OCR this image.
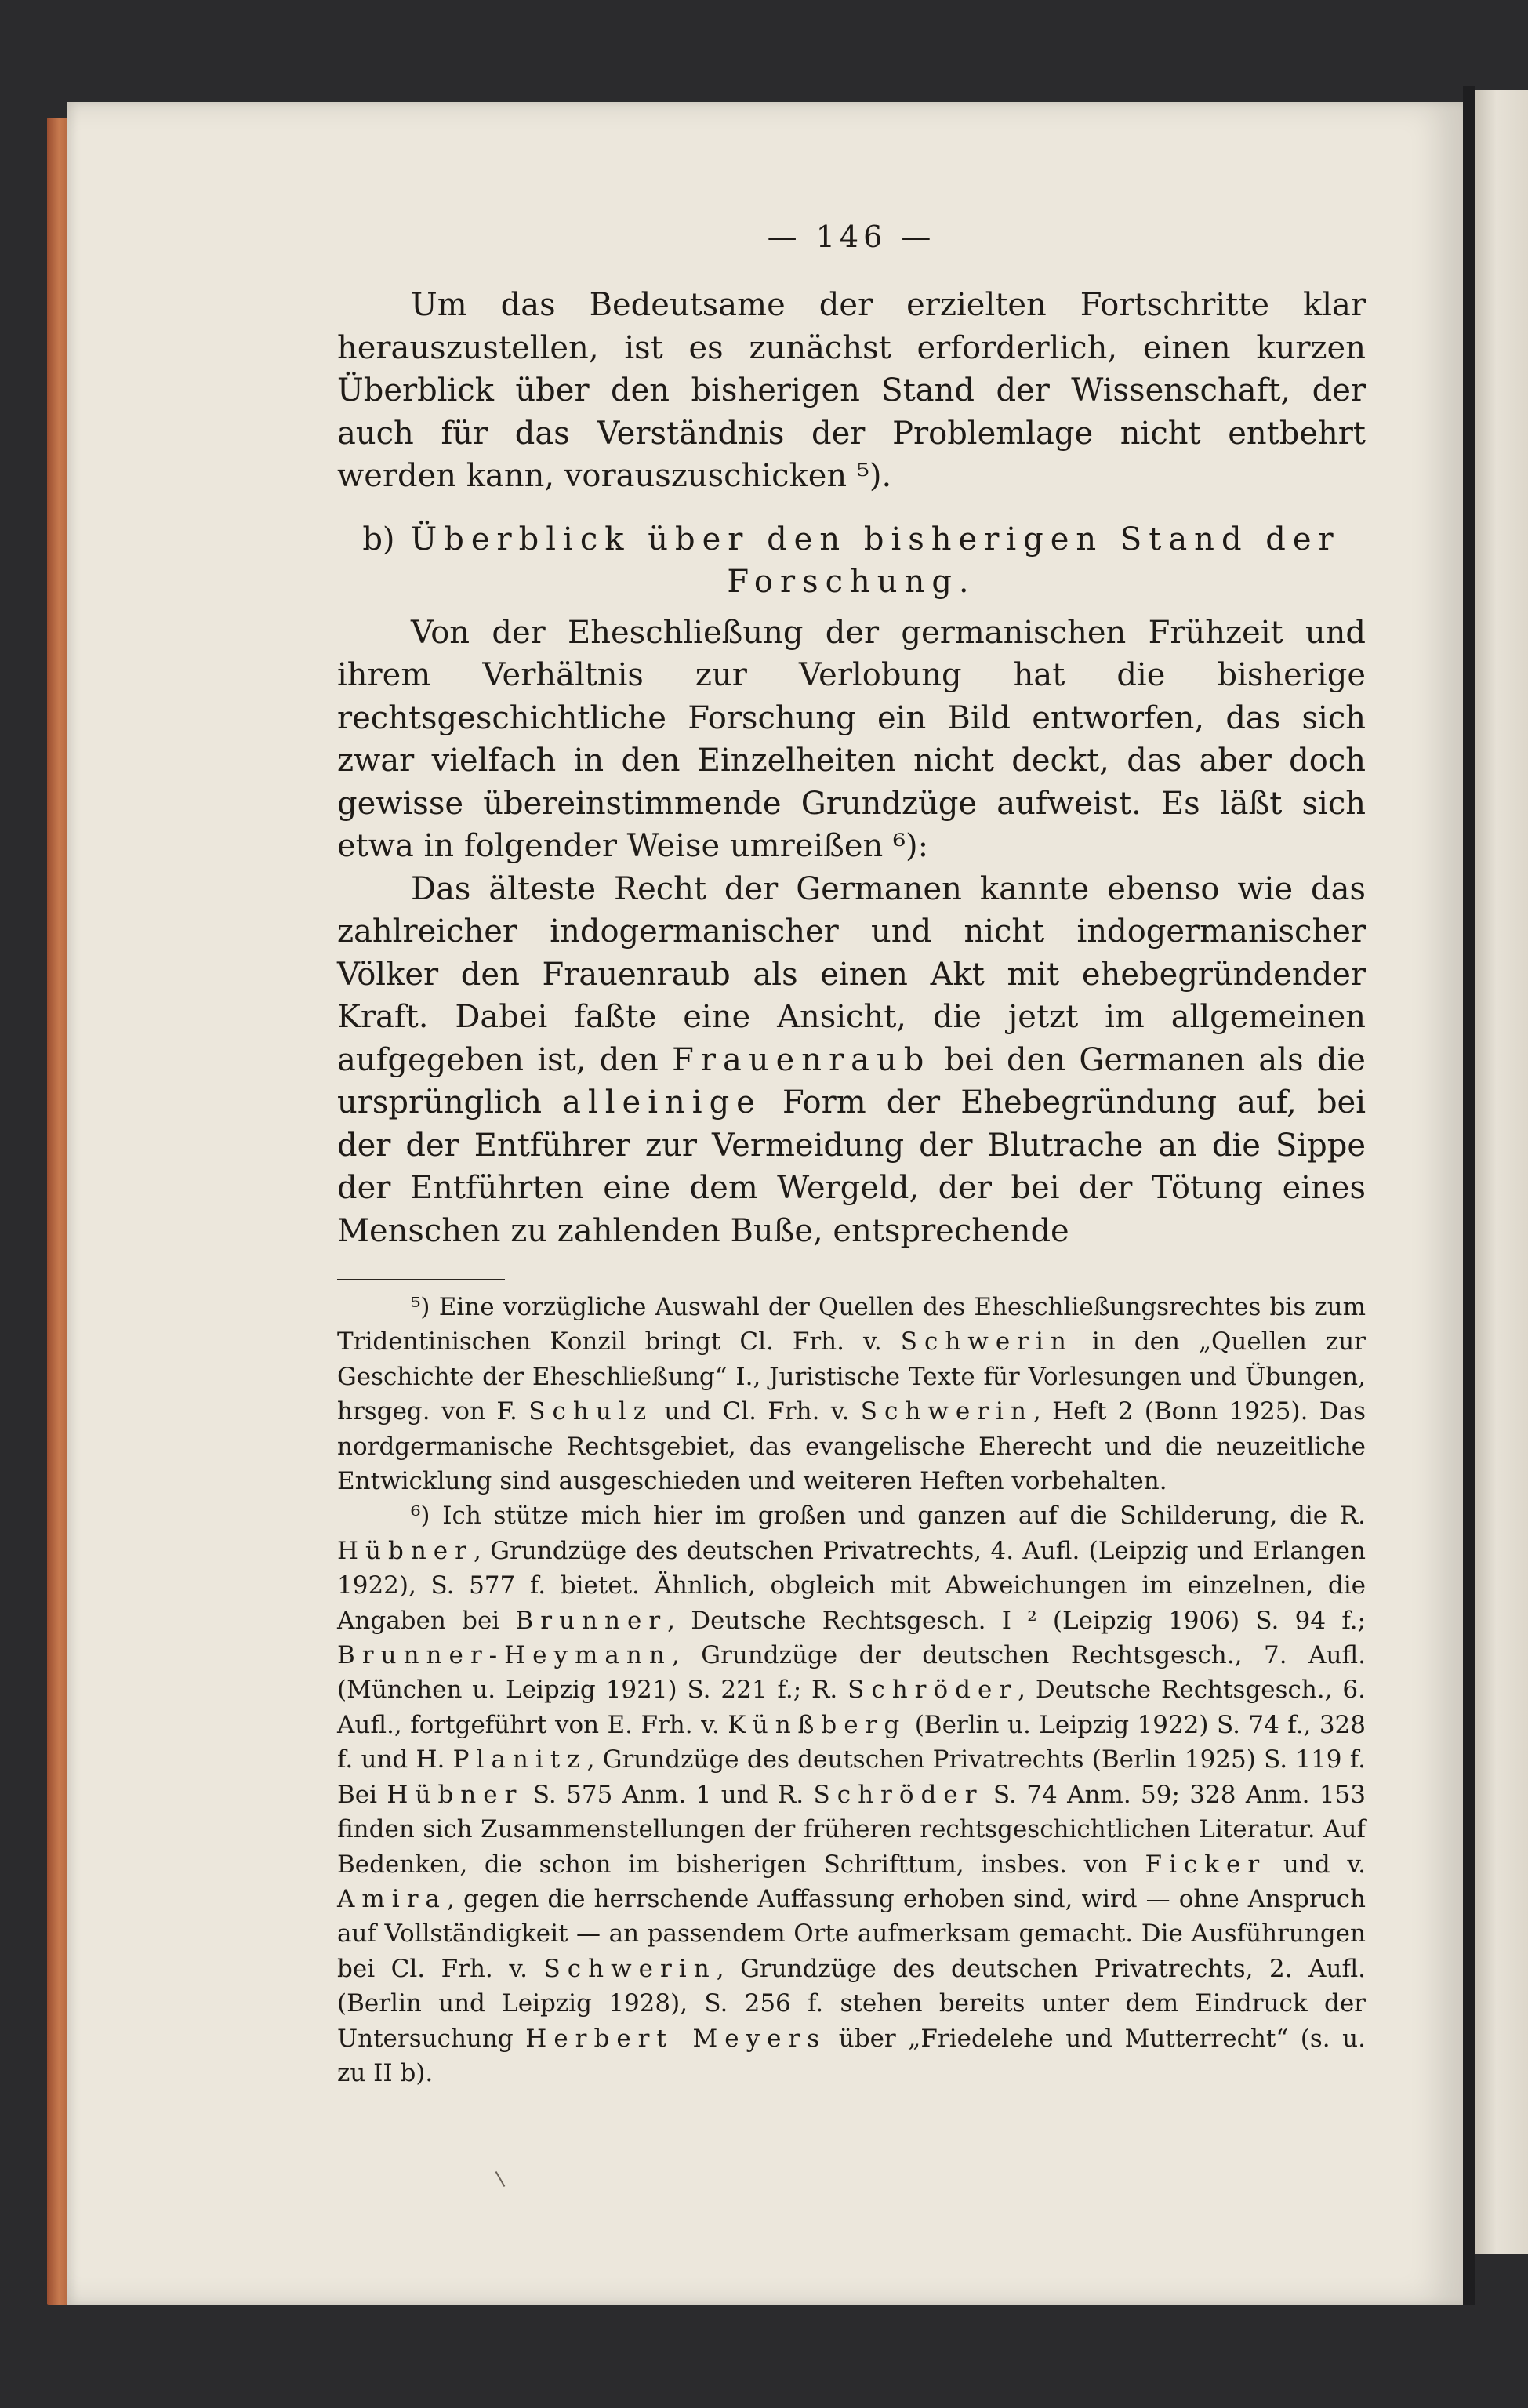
— 146 —

Um das Bedeutsame der erzielten Fortschritte klar herauszustellen, ist es zunächst erforderlich, einen kurzen Überblick über den bisherigen Stand der Wissenschaft, der auch für das Verständnis der Problemlage nicht entbehrt werden kann, vorauszuschicken ⁵).

b) Überblick über den bisherigen Stand der
Forschung.

Von der Eheschließung der germanischen Frühzeit und ihrem Verhältnis zur Verlobung hat die bisherige rechtsgeschichtliche Forschung ein Bild entworfen, das sich zwar vielfach in den Einzelheiten nicht deckt, das aber doch gewisse übereinstimmende Grundzüge aufweist. Es läßt sich etwa in folgender Weise umreißen ⁶):

Das älteste Recht der Germanen kannte ebenso wie das zahlreicher indogermanischer und nicht indogermanischer Völker den Frauenraub als einen Akt mit ehebegründender Kraft. Dabei faßte eine Ansicht, die jetzt im allgemeinen aufgegeben ist, den Frauenraub bei den Germanen als die ursprünglich alleinige Form der Ehebegründung auf, bei der der Entführer zur Vermeidung der Blutrache an die Sippe der Entführten eine dem Wergeld, der bei der Tötung eines Menschen zu zahlenden Buße, entsprechende

⁵) Eine vorzügliche Auswahl der Quellen des Eheschließungsrechtes bis zum Tridentinischen Konzil bringt Cl. Frh. v. Schwerin in den „Quellen zur Geschichte der Eheschließung“ I., Juristische Texte für Vorlesungen und Übungen, hrsgeg. von F. Schulz und Cl. Frh. v. Schwerin, Heft 2 (Bonn 1925). Das nordgermanische Rechtsgebiet, das evangelische Eherecht und die neuzeitliche Entwicklung sind ausgeschieden und weiteren Heften vorbehalten.

⁶) Ich stütze mich hier im großen und ganzen auf die Schilderung, die R. Hübner, Grundzüge des deutschen Privatrechts, 4. Aufl. (Leipzig und Erlangen 1922), S. 577 f. bietet. Ähnlich, obgleich mit Abweichungen im einzelnen, die Angaben bei Brunner, Deutsche Rechtsgesch. I ² (Leipzig 1906) S. 94 f.; Brunner-Heymann, Grundzüge der deutschen Rechtsgesch., 7. Aufl. (München u. Leipzig 1921) S. 221 f.; R. Schröder, Deutsche Rechtsgesch., 6. Aufl., fortgeführt von E. Frh. v. Künßberg (Berlin u. Leipzig 1922) S. 74 f., 328 f. und H. Planitz, Grundzüge des deutschen Privatrechts (Berlin 1925) S. 119 f. Bei Hübner S. 575 Anm. 1 und R. Schröder S. 74 Anm. 59; 328 Anm. 153 finden sich Zusammenstellungen der früheren rechtsgeschichtlichen Literatur. Auf Bedenken, die schon im bisherigen Schrifttum, insbes. von Ficker und v. Amira, gegen die herrschende Auffassung erhoben sind, wird — ohne Anspruch auf Vollständigkeit — an passendem Orte aufmerksam gemacht. Die Ausführungen bei Cl. Frh. v. Schwerin, Grundzüge des deutschen Privatrechts, 2. Aufl. (Berlin und Leipzig 1928), S. 256 f. stehen bereits unter dem Eindruck der Untersuchung Herbert Meyers über „Friedelehe und Mutterrecht“ (s. u. zu II b).
